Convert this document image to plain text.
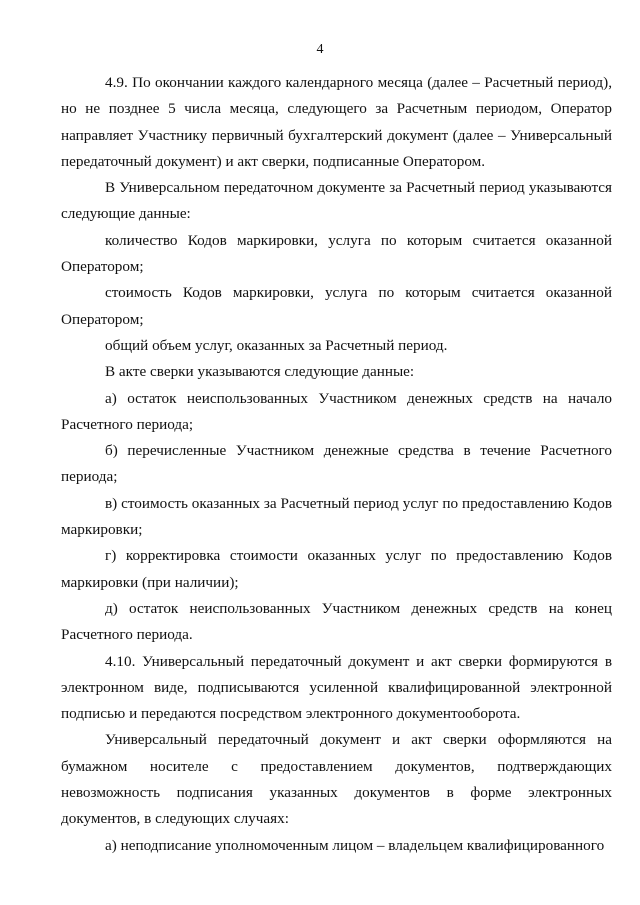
4

4.9. По окончании каждого календарного месяца (далее – Расчетный период), но не позднее 5 числа месяца, следующего за Расчетным периодом, Оператор направляет Участнику первичный бухгалтерский документ (далее – Универсальный передаточный документ) и акт сверки, подписанные Оператором.

В Универсальном передаточном документе за Расчетный период указываются следующие данные:

количество Кодов маркировки, услуга по которым считается оказанной Оператором;

стоимость Кодов маркировки, услуга по которым считается оказанной Оператором;

общий объем услуг, оказанных за Расчетный период.

В акте сверки указываются следующие данные:

а) остаток неиспользованных Участником денежных средств на начало Расчетного периода;

б) перечисленные Участником денежные средства в течение Расчетного периода;

в) стоимость оказанных за Расчетный период услуг по предоставлению Кодов маркировки;

г) корректировка стоимости оказанных услуг по предоставлению Кодов маркировки (при наличии);

д) остаток неиспользованных Участником денежных средств на конец Расчетного периода.

4.10. Универсальный передаточный документ и акт сверки формируются в электронном виде, подписываются усиленной квалифицированной электронной подписью и передаются посредством электронного документооборота.

Универсальный передаточный документ и акт сверки оформляются на бумажном носителе с предоставлением документов, подтверждающих невозможность подписания указанных документов в форме электронных документов, в следующих случаях:

а) неподписание уполномоченным лицом – владельцем квалифицированного
